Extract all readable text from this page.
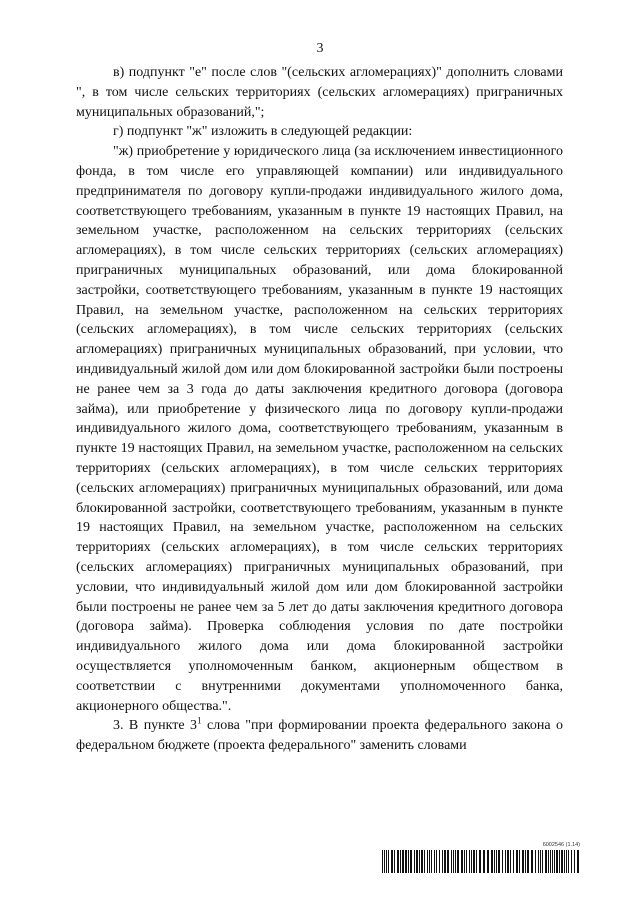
3

в) подпункт "е" после слов "(сельских агломерациях)" дополнить словами ", в том числе сельских территориях (сельских агломерациях) приграничных муниципальных образований,";

г) подпункт "ж" изложить в следующей редакции:

"ж) приобретение у юридического лица (за исключением инвестиционного фонда, в том числе его управляющей компании) или индивидуального предпринимателя по договору купли-продажи индивидуального жилого дома, соответствующего требованиям, указанным в пункте 19 настоящих Правил, на земельном участке, расположенном на сельских территориях (сельских агломерациях), в том числе сельских территориях (сельских агломерациях) приграничных муниципальных образований, или дома блокированной застройки, соответствующего требованиям, указанным в пункте 19 настоящих Правил, на земельном участке, расположенном на сельских территориях (сельских агломерациях), в том числе сельских территориях (сельских агломерациях) приграничных муниципальных образований, при условии, что индивидуальный жилой дом или дом блокированной застройки были построены не ранее чем за 3 года до даты заключения кредитного договора (договора займа), или приобретение у физического лица по договору купли-продажи индивидуального жилого дома, соответствующего требованиям, указанным в пункте 19 настоящих Правил, на земельном участке, расположенном на сельских территориях (сельских агломерациях), в том числе сельских территориях (сельских агломерациях) приграничных муниципальных образований, или дома блокированной застройки, соответствующего требованиям, указанным в пункте 19 настоящих Правил, на земельном участке, расположенном на сельских территориях (сельских агломерациях), в том числе сельских территориях (сельских агломерациях) приграничных муниципальных образований, при условии, что индивидуальный жилой дом или дом блокированной застройки были построены не ранее чем за 5 лет до даты заключения кредитного договора (договора займа). Проверка соблюдения условия по дате постройки индивидуального жилого дома или дома блокированной застройки осуществляется уполномоченным банком, акционерным обществом в соответствии с внутренними документами уполномоченного банка, акционерного общества.".

3. В пункте $3^1$ слова "при формировании проекта федерального закона о федеральном бюджете (проекта федерального" заменить словами

6002546 (1.14)
